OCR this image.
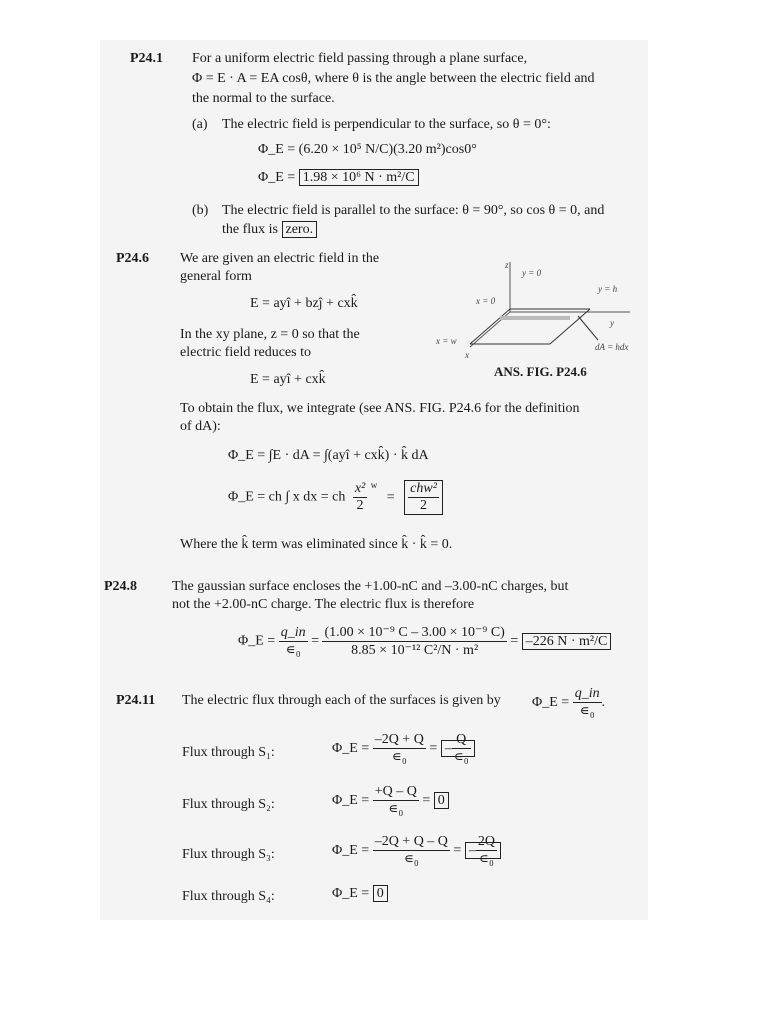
P24.1 For a uniform electric field passing through a plane surface,
Φ = E · A = EA cosθ, where θ is the angle between the electric field and
the normal to the surface.
(a) The electric field is perpendicular to the surface, so θ = 0°:
Φ_E = (6.20 × 10⁵ N/C)(3.20 m²)cos0°
Φ_E = 1.98 × 10⁶ N · m²/C
(b) The electric field is parallel to the surface: θ = 90°, so cos θ = 0, and
the flux is zero.
P24.6 We are given an electric field in the
general form
E = ayî + bzĵ + cxk̂
In the xy plane, z = 0 so that the
electric field reduces to
E = ayî + cxk̂
z
y = 0
y = h
x = 0
y
x = w
x
dA = hdx
ANS. FIG. P24.6
To obtain the flux, we integrate (see ANS. FIG. P24.6 for the definition
of dA):
Φ_E = ∫E · dA = ∫(ayî + cxk̂) · k̂ dA
Φ_E = ch ∫ x dx = ch $\frac{\text{x²}}{2} ^w = \frac{\text{chw²}}{2}$
Where the k̂ term was eliminated since k̂ · k̂ = 0.
P24.8 The gaussian surface encloses the +1.00-nC and –3.00-nC charges, but
not the +2.00-nC charge. The electric flux is therefore
Φ_E = $\frac{q\_in}{\text{∊₀}} = \frac{\text{(1.00 × 10⁻⁹ C – 3.00 × 10⁻⁹ C)}}{\text{8.85 × 10⁻¹² C²/N · m²}} = -226$ N · m²/C
P24.11 The electric flux through each of the surfaces is given by Φ_E = $\frac{q\_in}{\text{∊₀}}$ .
Flux through S₁:	Φ_E = $\frac{-2Q + Q}{\text{∊₀}}$ = – $\frac{Q}{\text{∊₀}}$
Flux through S₂:	Φ_E = $\frac{+Q - Q}{\text{∊₀}} = 0$
Flux through S₃:	Φ_E = $\frac{-2Q + Q - Q}{\text{∊₀}}$ = – $\frac{2Q}{\text{∊₀}}$
Flux through S₄:	Φ_E = 0
